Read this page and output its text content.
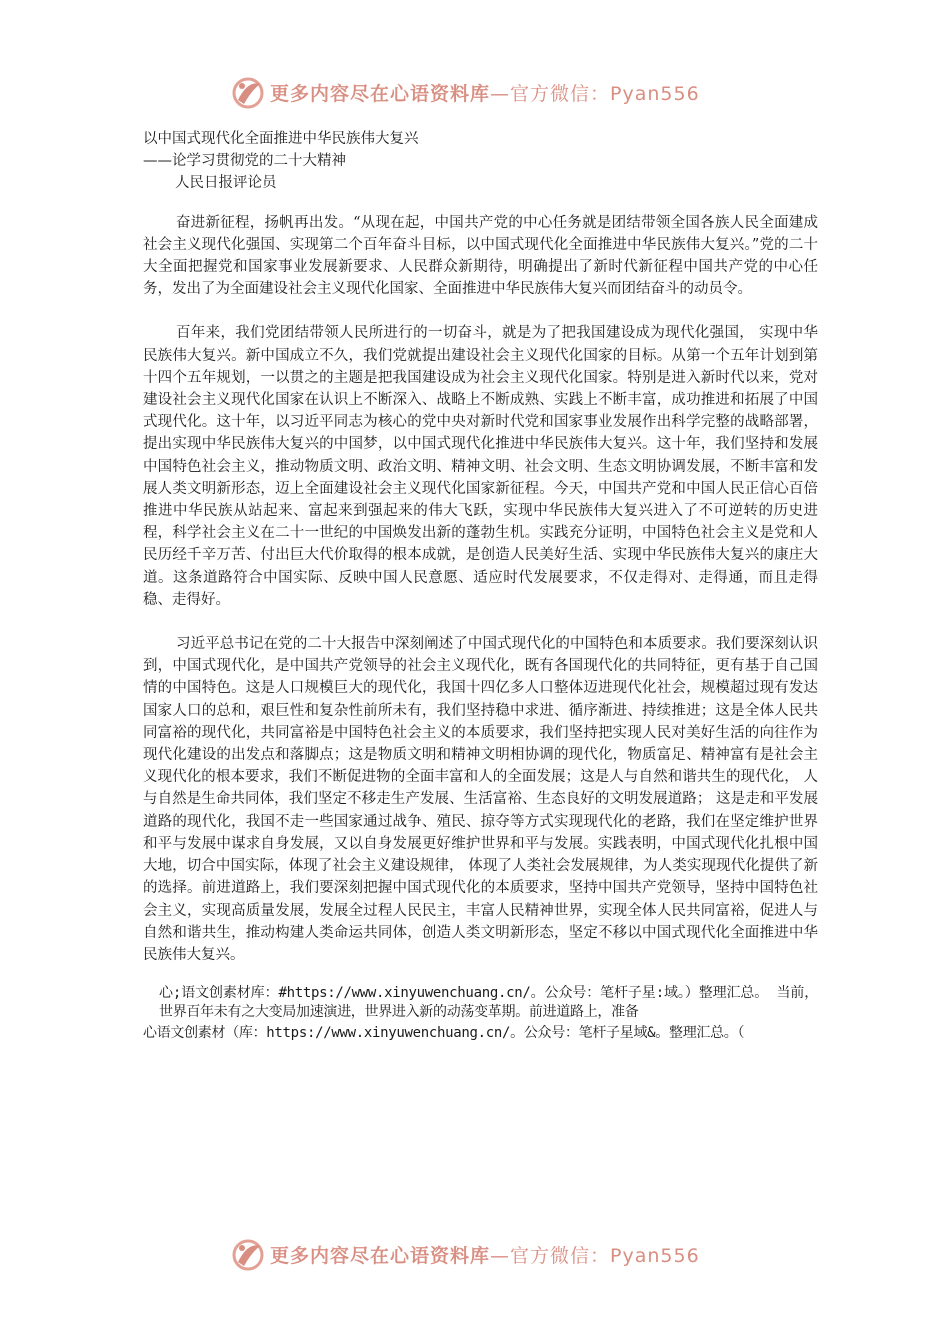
更多内容尽在心语资料库—官方微信：Pyan556

以中国式现代化全面推进中华民族伟大复兴

——论学习贯彻党的二十大精神

人民日报评论员

奋进新征程，扬帆再出发。“从现在起，中国共产党的中心任务就是团结带领全国各族人民全面建成社会主义现代化强国、实现第二个百年奋斗目标，以中国式现代化全面推进中华民族伟大复兴。”党的二十大全面把握党和国家事业发展新要求、人民群众新期待，明确提出了新时代新征程中国共产党的中心任务，发出了为全面建设社会主义现代化国家、全面推进中华民族伟大复兴而团结奋斗的动员令。

百年来，我们党团结带领人民所进行的一切奋斗，就是为了把我国建设成为现代化强国， 实现中华民族伟大复兴。新中国成立不久，我们党就提出建设社会主义现代化国家的目标。从第一个五年计划到第十四个五年规划，一以贯之的主题是把我国建设成为社会主义现代化国家。特别是进入新时代以来，党对建设社会主义现代化国家在认识上不断深入、战略上不断成熟、实践上不断丰富，成功推进和拓展了中国式现代化。这十年，以习近平同志为核心的党中央对新时代党和国家事业发展作出科学完整的战略部署，提出实现中华民族伟大复兴的中国梦，以中国式现代化推进中华民族伟大复兴。这十年，我们坚持和发展中国特色社会主义，推动物质文明、政治文明、精神文明、社会文明、生态文明协调发展，不断丰富和发展人类文明新形态，迈上全面建设社会主义现代化国家新征程。今天，中国共产党和中国人民正信心百倍推进中华民族从站起来、富起来到强起来的伟大飞跃，实现中华民族伟大复兴进入了不可逆转的历史进程，科学社会主义在二十一世纪的中国焕发出新的蓬勃生机。实践充分证明，中国特色社会主义是党和人民历经千辛万苦、付出巨大代价取得的根本成就，是创造人民美好生活、实现中华民族伟大复兴的康庄大道。这条道路符合中国实际、反映中国人民意愿、适应时代发展要求，不仅走得对、走得通，而且走得稳、走得好。

习近平总书记在党的二十大报告中深刻阐述了中国式现代化的中国特色和本质要求。我们要深刻认识到，中国式现代化，是中国共产党领导的社会主义现代化，既有各国现代化的共同特征，更有基于自己国情的中国特色。这是人口规模巨大的现代化，我国十四亿多人口整体迈进现代化社会，规模超过现有发达国家人口的总和，艰巨性和复杂性前所未有，我们坚持稳中求进、循序渐进、持续推进；这是全体人民共同富裕的现代化，共同富裕是中国特色社会主义的本质要求，我们坚持把实现人民对美好生活的向往作为现代化建设的出发点和落脚点；这是物质文明和精神文明相协调的现代化，物质富足、精神富有是社会主义现代化的根本要求，我们不断促进物的全面丰富和人的全面发展；这是人与自然和谐共生的现代化， 人与自然是生命共同体，我们坚定不移走生产发展、生活富裕、生态良好的文明发展道路； 这是走和平发展道路的现代化，我国不走一些国家通过战争、殖民、掠夺等方式实现现代化的老路，我们在坚定维护世界和平与发展中谋求自身发展，又以自身发展更好维护世界和平与发展。实践表明，中国式现代化扎根中国大地，切合中国实际，体现了社会主义建设规律， 体现了人类社会发展规律，为人类实现现代化提供了新的选择。前进道路上，我们要深刻把握中国式现代化的本质要求，坚持中国共产党领导，坚持中国特色社会主义，实现高质量发展，发展全过程人民民主，丰富人民精神世界，实现全体人民共同富裕，促进人与自然和谐共生，推动构建人类命运共同体，创造人类文明新形态，坚定不移以中国式现代化全面推进中华民族伟大复兴。

心;语文创素材库：#https://www.xinyuwenchuang.cn/。公众号：笔杆子星:域。）整理汇总。 当前，世界百年未有之大变局加速演进，世界进入新的动荡变革期。前进道路上，准备

心语文创素材（库：https://www.xinyuwenchuang.cn/。公众号：笔杆子星域&。整理汇总。（

更多内容尽在心语资料库—官方微信：Pyan556
